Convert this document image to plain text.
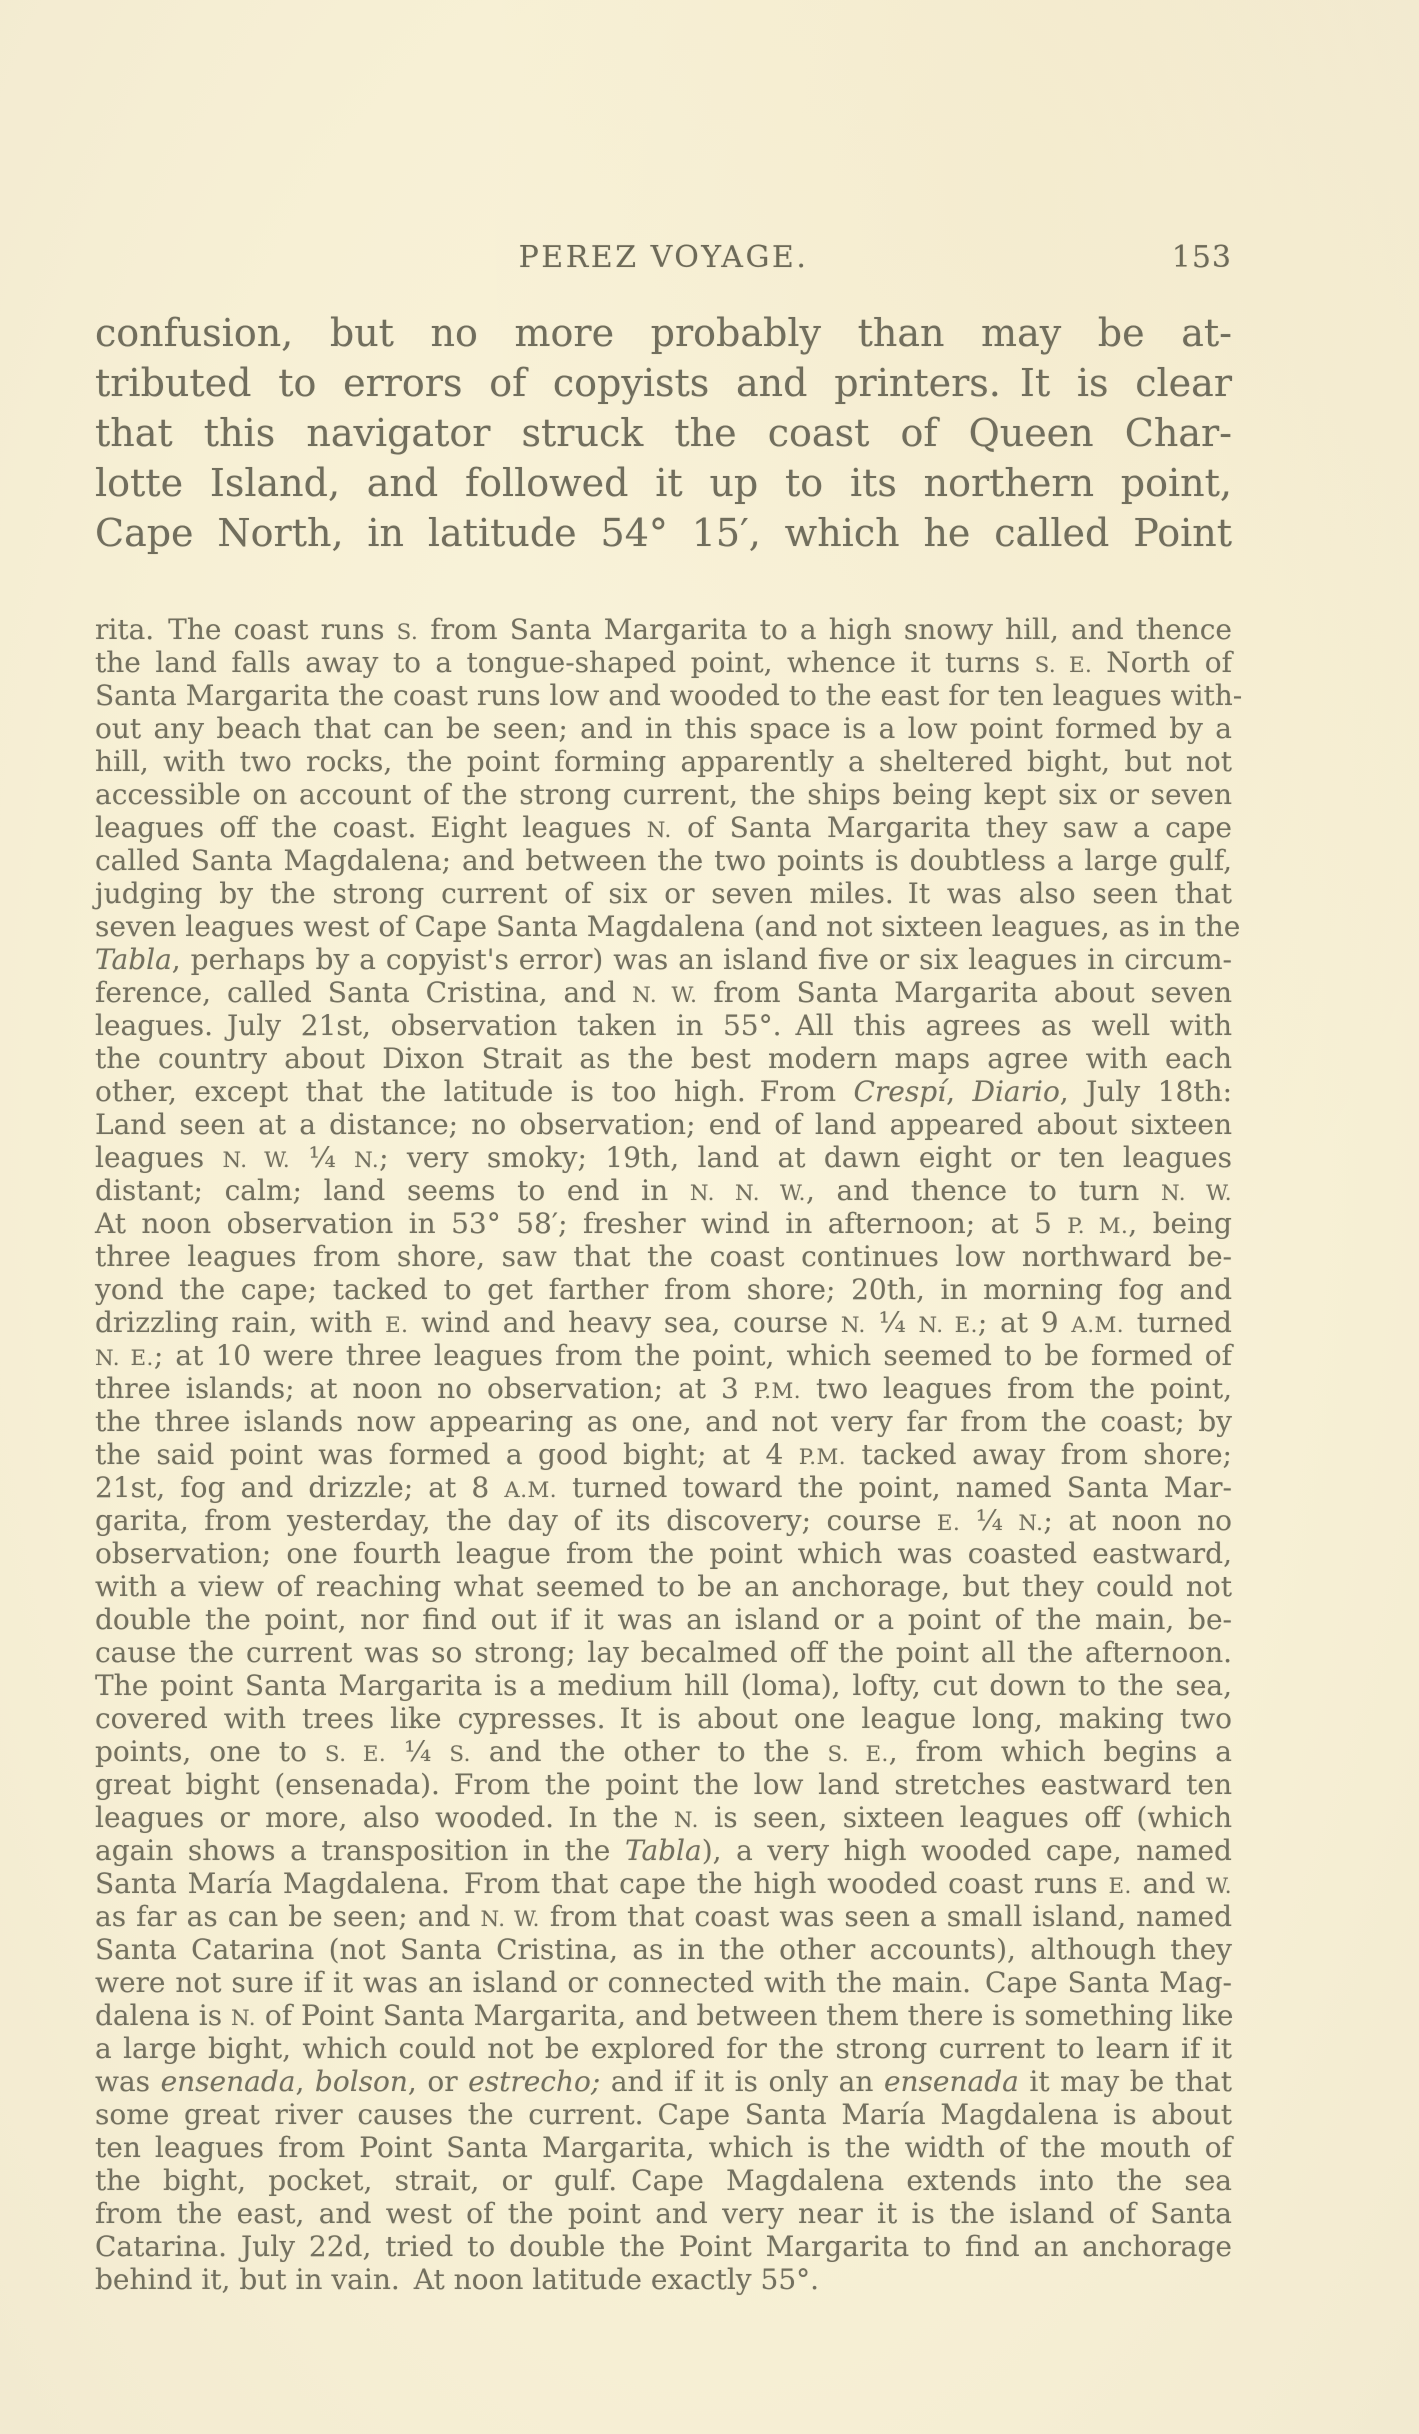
PEREZ VOYAGE.	153
confusion, but no more probably than may be at-
tributed to errors of copyists and printers. It is clear
that this navigator struck the coast of Queen Char-
lotte Island, and followed it up to its northern point,
Cape North, in latitude 54° 15′, which he called Point
rita. The coast runs S. from Santa Margarita to a high snowy hill, and thence
the land falls away to a tongue-shaped point, whence it turns S. E. North of
Santa Margarita the coast runs low and wooded to the east for ten leagues with-
out any beach that can be seen; and in this space is a low point formed by a
hill, with two rocks, the point forming apparently a sheltered bight, but not
accessible on account of the strong current, the ships being kept six or seven
leagues off the coast. Eight leagues N. of Santa Margarita they saw a cape
called Santa Magdalena; and between the two points is doubtless a large gulf,
judging by the strong current of six or seven miles. It was also seen that
seven leagues west of Cape Santa Magdalena (and not sixteen leagues, as in the
Tabla, perhaps by a copyist's error) was an island five or six leagues in circum-
ference, called Santa Cristina, and N. W. from Santa Margarita about seven
leagues. July 21st, observation taken in 55°. All this agrees as well with
the country about Dixon Strait as the best modern maps agree with each
other, except that the latitude is too high. From Crespí, Diario, July 18th:
Land seen at a distance; no observation; end of land appeared about sixteen
leagues N. W. ¼ N.; very smoky; 19th, land at dawn eight or ten leagues
distant; calm; land seems to end in N. N. W., and thence to turn N. W.
At noon observation in 53° 58′; fresher wind in afternoon; at 5 P. M., being
three leagues from shore, saw that the coast continues low northward be-
yond the cape; tacked to get farther from shore; 20th, in morning fog and
drizzling rain, with E. wind and heavy sea, course N. ¼ N. E.; at 9 A.M. turned
N. E.; at 10 were three leagues from the point, which seemed to be formed of
three islands; at noon no observation; at 3 P.M. two leagues from the point,
the three islands now appearing as one, and not very far from the coast; by
the said point was formed a good bight; at 4 P.M. tacked away from shore;
21st, fog and drizzle; at 8 A.M. turned toward the point, named Santa Mar-
garita, from yesterday, the day of its discovery; course E. ¼ N.; at noon no
observation; one fourth league from the point which was coasted eastward,
with a view of reaching what seemed to be an anchorage, but they could not
double the point, nor find out if it was an island or a point of the main, be-
cause the current was so strong; lay becalmed off the point all the afternoon.
The point Santa Margarita is a medium hill (loma), lofty, cut down to the sea,
covered with trees like cypresses. It is about one league long, making two
points, one to S. E. ¼ S. and the other to the S. E., from which begins a
great bight (ensenada). From the point the low land stretches eastward ten
leagues or more, also wooded. In the N. is seen, sixteen leagues off (which
again shows a transposition in the Tabla), a very high wooded cape, named
Santa María Magdalena. From that cape the high wooded coast runs E. and W.
as far as can be seen; and N. W. from that coast was seen a small island, named
Santa Catarina (not Santa Cristina, as in the other accounts), although they
were not sure if it was an island or connected with the main. Cape Santa Mag-
dalena is N. of Point Santa Margarita, and between them there is something like
a large bight, which could not be explored for the strong current to learn if it
was ensenada, bolson, or estrecho; and if it is only an ensenada it may be that
some great river causes the current. Cape Santa María Magdalena is about
ten leagues from Point Santa Margarita, which is the width of the mouth of
the bight, pocket, strait, or gulf. Cape Magdalena extends into the sea
from the east, and west of the point and very near it is the island of Santa
Catarina. July 22d, tried to double the Point Margarita to find an anchorage
behind it, but in vain. At noon latitude exactly 55°.
